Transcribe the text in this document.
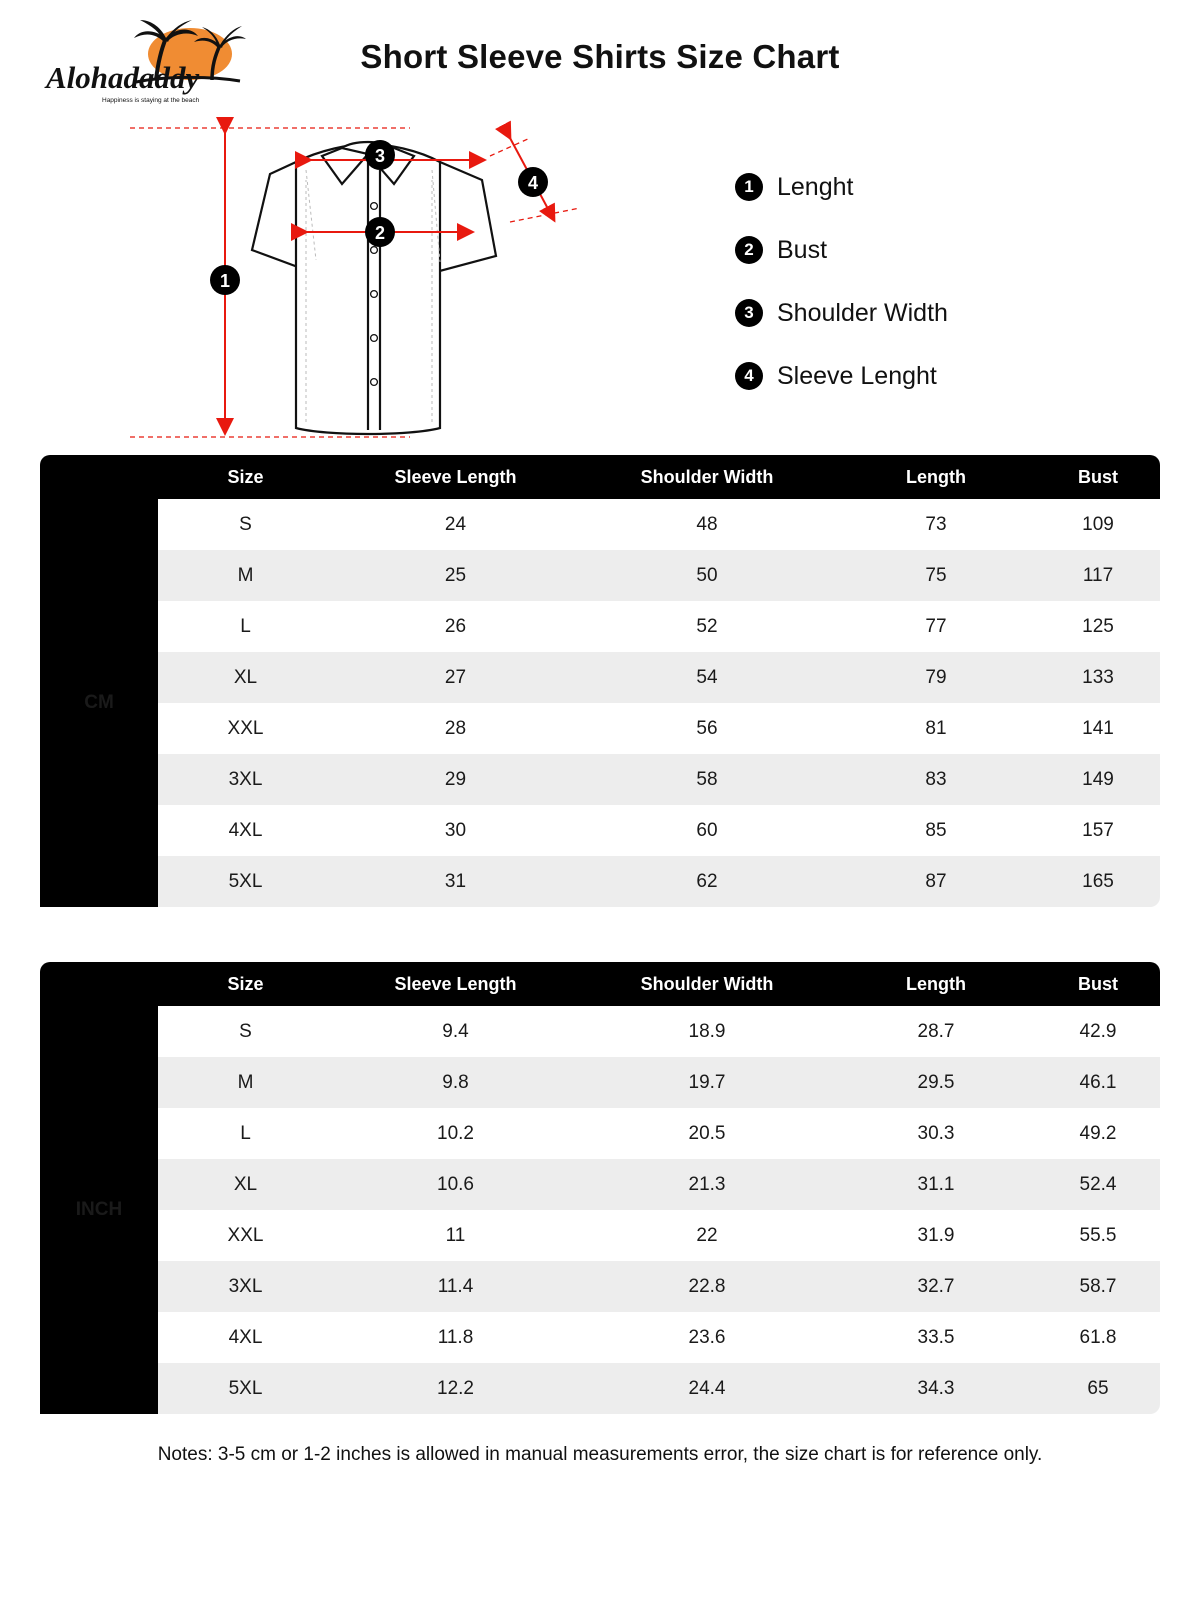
Alohadaddy
Happiness is staying at the beach
Short Sleeve Shirts Size Chart
1
3
2
4	1 Lenght
2 Bust
3 Shoulder Width
4 Sleeve Lenght
	Size	Sleeve Length	Shoulder Width	Length	Bust
CM	S	24	48	73	109
	M	25	50	75	117
	L	26	52	77	125
	XL	27	54	79	133
	XXL	28	56	81	141
	3XL	29	58	83	149
	4XL	30	60	85	157
	5XL	31	62	87	165
	Size	Sleeve Length	Shoulder Width	Length	Bust
INCH	S	9.4	18.9	28.7	42.9
	M	9.8	19.7	29.5	46.1
	L	10.2	20.5	30.3	49.2
	XL	10.6	21.3	31.1	52.4
	XXL	11	22	31.9	55.5
	3XL	11.4	22.8	32.7	58.7
	4XL	11.8	23.6	33.5	61.8
	5XL	12.2	24.4	34.3	65
Notes: 3-5 cm or 1-2 inches is allowed in manual measurements error, the size chart is for reference only.
